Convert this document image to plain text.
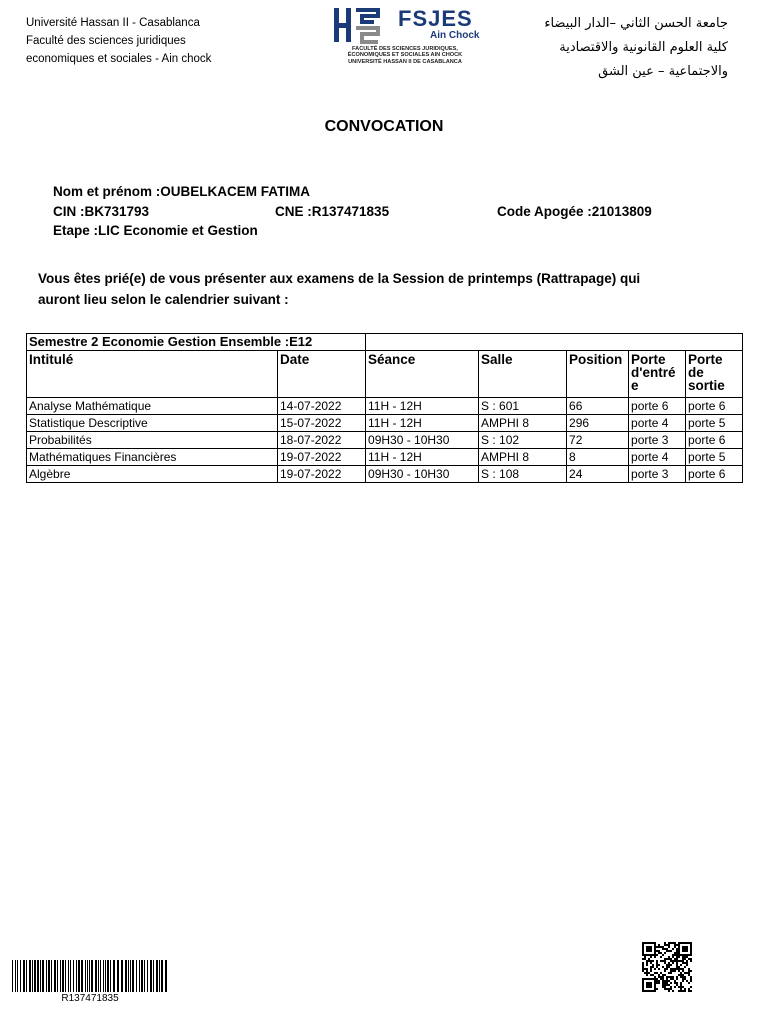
Université Hassan II - Casablanca
Faculté des sciences juridiques
economiques et sociales - Ain chock
FSJES
Ain Chock
FACULTÉ DES SCIENCES JURIDIQUES,
ÉCONOMIQUES ET SOCIALES AIN CHOCK
UNIVERSITÉ HASSAN II DE CASABLANCA
جامعة الحسن الثاني –الدار البيضاء
كلية العلوم القانونية والاقتصادية
والاجتماعية – عين الشق
CONVOCATION
Nom et prénom :OUBELKACEM FATIMA
CIN :BK731793	CNE :R137471835	Code Apogée :21013809
Etape :LIC Economie et Gestion
Vous êtes prié(e) de vous présenter aux examens de la Session de printemps (Rattrapage) qui
auront lieu selon le calendrier suivant :
Semestre 2 Economie Gestion Ensemble :E12						
Intitulé	Date	Séance	Salle	Position	Porte d'entré e	Porte de sortie
Analyse Mathématique	14-07-2022	11H - 12H	S : 601	66	porte 6	porte 6
Statistique Descriptive	15-07-2022	11H - 12H	AMPHI 8	296	porte 4	porte 5
Probabilités	18-07-2022	09H30 - 10H30	S : 102	72	porte 3	porte 6
Mathématiques Financières	19-07-2022	11H - 12H	AMPHI 8	8	porte 4	porte 5
Algèbre	19-07-2022	09H30 - 10H30	S : 108	24	porte 3	porte 6
R137471835
